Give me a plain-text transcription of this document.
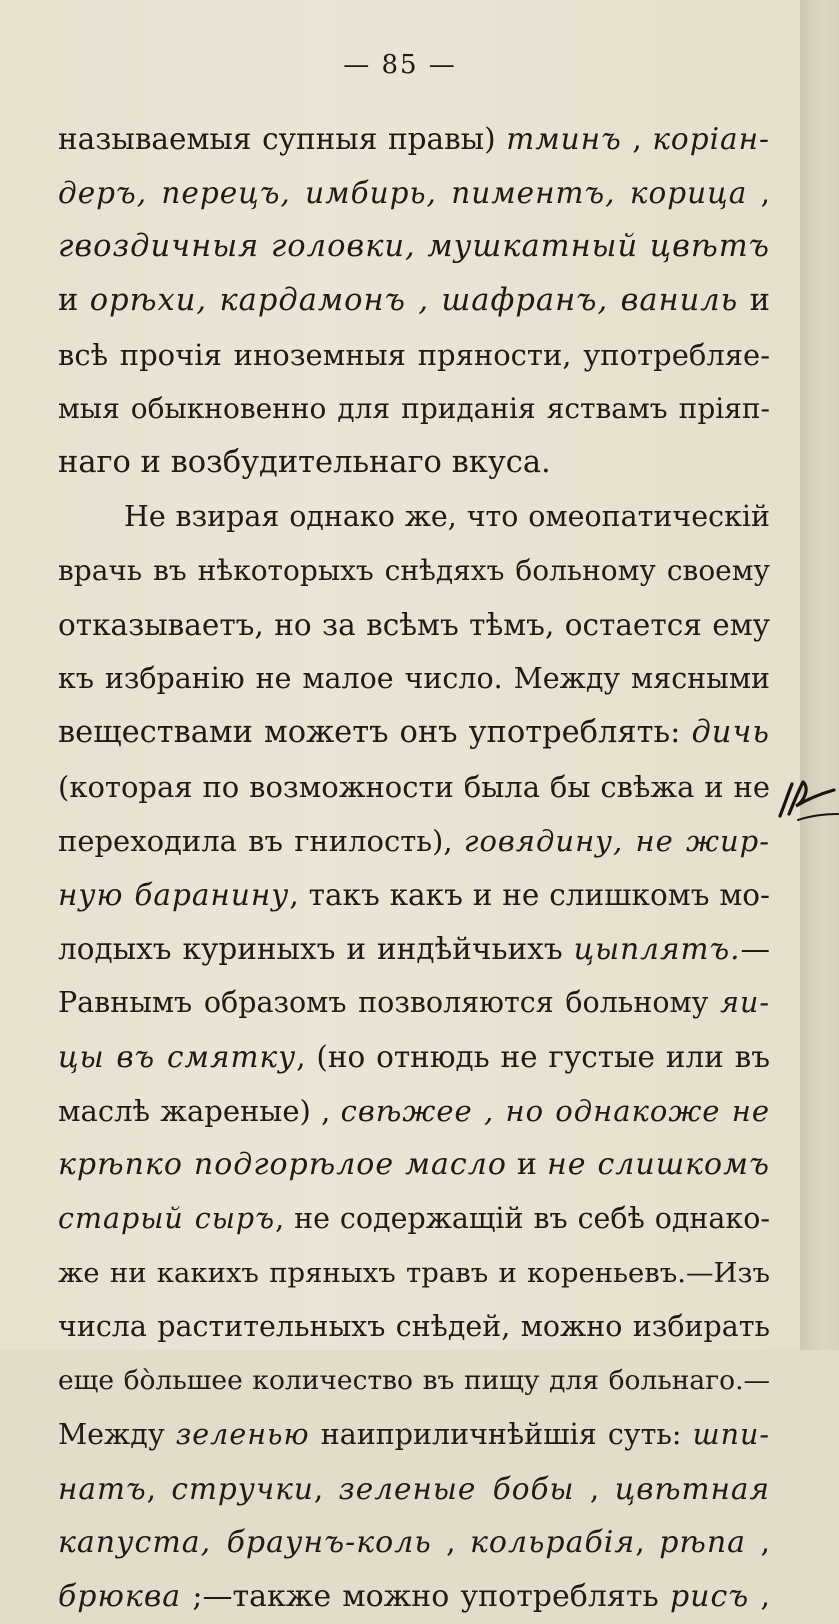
— 85 —
называемыя супныя правы) тминъ , коріан-
деръ, перецъ, имбирь, пиментъ, корица ,
гвоздичныя головки, мушкатный цвѣтъ
и орѣхи, кардамонъ , шафранъ, ваниль и
всѣ прочія иноземныя пряности, употребляе-
мыя обыкновенно для приданія яствамъ пріяп-
наго и возбудительнаго вкуса.
Не взирая однако же, что омеопатическій
врачь въ нѣкоторыхъ снѣдяхъ больному своему
отказываетъ, но за всѣмъ тѣмъ, остается ему
къ избранію не малое число. Между мясными
веществами можетъ онъ употреблять: дичь
(которая по возможности была бы свѣжа и не
переходила въ гнилость), говядину, не жир-
ную баранину, такъ какъ и не слишкомъ мо-
лодыхъ куриныхъ и индѣйчьихъ цыплятъ.—
Равнымъ образомъ позволяются больному яи-
цы въ смятку, (но отнюдь не густые или въ
маслѣ жареные) , свѣжее , но однакоже не
крѣпко подгорѣлое масло и не слишкомъ
старый сыръ, не содержащій въ себѣ однако-
же ни какихъ пряныхъ травъ и кореньевъ.—Изъ
числа растительныхъ снѣдей, можно избирать
еще бо̀льшее количество въ пищу для больнаго.—
Между зеленью наиприличнѣйшія суть: шпи-
натъ, стручки, зеленые бобы , цвѣтная
капуста, браунъ-коль , кольрабія, рѣпа ,
брюква ;—также можно употреблять рисъ ,
